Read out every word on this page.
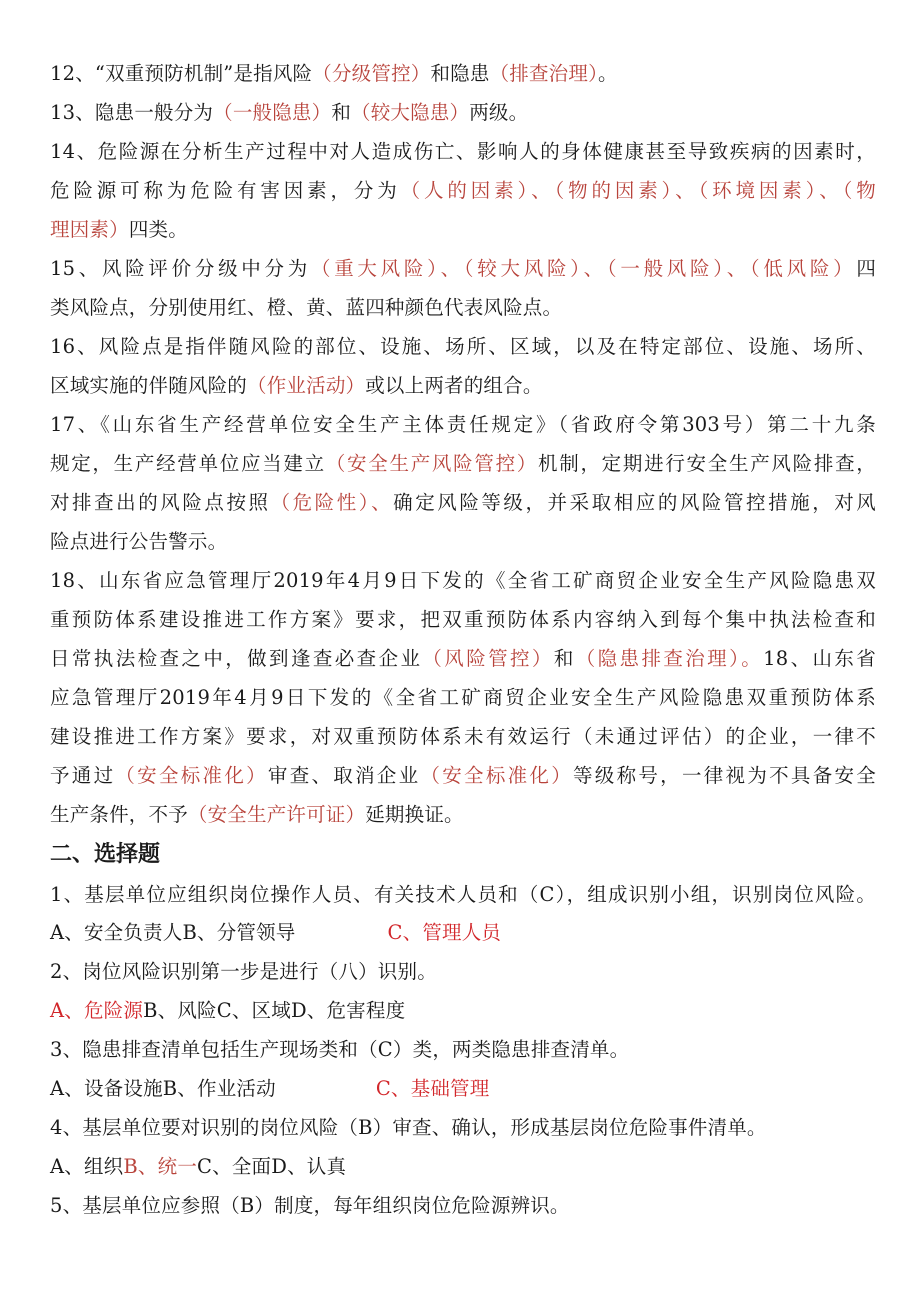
12、“双重预防机制”是指风险（分级管控）和隐患（排查治理）。
13、隐患一般分为（一般隐患）和（较大隐患）两级。
14、危险源在分析生产过程中对人造成伤亡、影响人的身体健康甚至导致疾病的因素时，
危险源可称为危险有害因素，分为（人的因素）、（物的因素）、（环境因素）、（物
理因素）四类。
15、风险评价分级中分为（重大风险）、（较大风险）、（一般风险）、（低风险）四
类风险点，分别使用红、橙、黄、蓝四种颜色代表风险点。
16、风险点是指伴随风险的部位、设施、场所、区域，以及在特定部位、设施、场所、
区域实施的伴随风险的（作业活动）或以上两者的组合。
17、《山东省生产经营单位安全生产主体责任规定》（省政府令第303号）第二十九条
规定，生产经营单位应当建立（安全生产风险管控）机制，定期进行安全生产风险排查，
对排查出的风险点按照（危险性）、确定风险等级，并采取相应的风险管控措施，对风
险点进行公告警示。
18、山东省应急管理厅2019年4月9日下发的《全省工矿商贸企业安全生产风险隐患双
重预防体系建设推进工作方案》要求，把双重预防体系内容纳入到每个集中执法检查和
日常执法检查之中，做到逢查必查企业（风险管控）和（隐患排查治理）。18、山东省
应急管理厅2019年4月9日下发的《全省工矿商贸企业安全生产风险隐患双重预防体系
建设推进工作方案》要求，对双重预防体系未有效运行（未通过评估）的企业，一律不
予通过（安全标准化）审查、取消企业（安全标准化）等级称号，一律视为不具备安全
生产条件，不予（安全生产许可证）延期换证。
二、选择题
1、基层单位应组织岗位操作人员、有关技术人员和（C），组成识别小组，识别岗位风险。
A、安全负责人B、分管领导	C、管理人员
2、岗位风险识别第一步是进行（八）识别。
A、危险源B、风险C、区域D、危害程度
3、隐患排查清单包括生产现场类和（C）类，两类隐患排查清单。
A、设备设施B、作业活动	C、基础管理
4、基层单位要对识别的岗位风险（B）审查、确认，形成基层岗位危险事件清单。
A、组织B、统一C、全面D、认真
5、基层单位应参照（B）制度，每年组织岗位危险源辨识。
